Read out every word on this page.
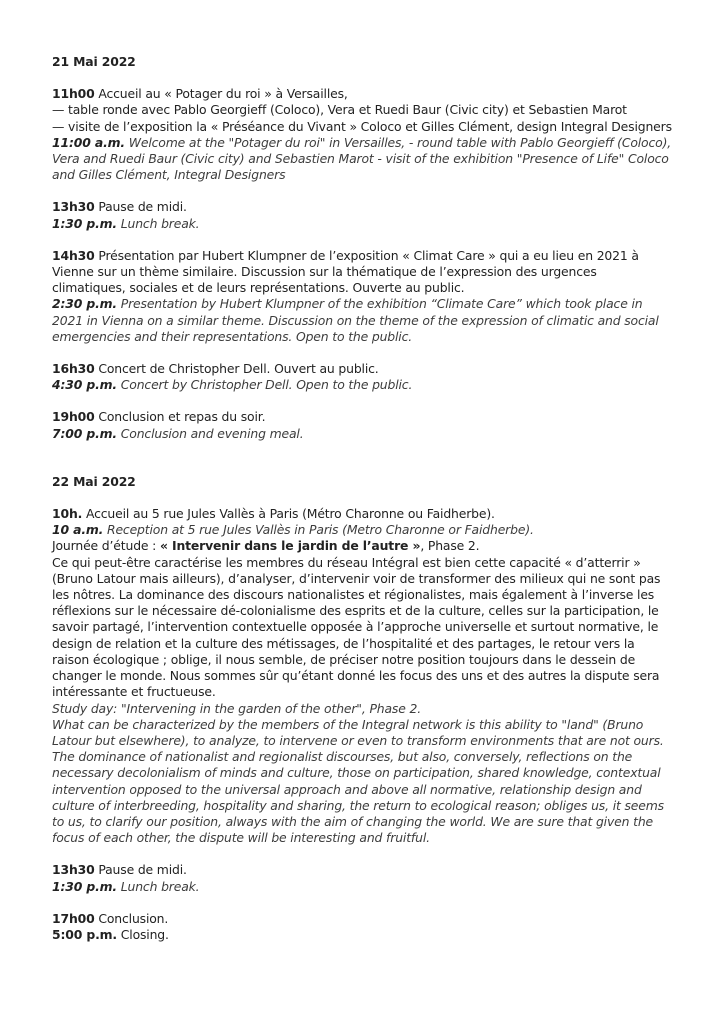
21 Mai 2022

11h00 Accueil au « Potager du roi » à Versailles,

— table ronde avec Pablo Georgieff (Coloco), Vera et Ruedi Baur (Civic city) et Sebastien Marot

— visite de l’exposition la « Préséance du Vivant » Coloco et Gilles Clément, design Integral Designers

11:00 a.m. Welcome at the "Potager du roi" in Versailles, - round table with Pablo Georgieff (Coloco), Vera and Ruedi Baur (Civic city) and Sebastien Marot - visit of the exhibition "Presence of Life" Coloco and Gilles Clément, Integral Designers

13h30 Pause de midi.

1:30 p.m. Lunch break.

14h30 Présentation par Hubert Klumpner de l’exposition « Climat Care » qui a eu lieu en 2021 à Vienne sur un thème similaire. Discussion sur la thématique de l’expression des urgences climatiques, sociales et de leurs représentations. Ouverte au public.

2:30 p.m. Presentation by Hubert Klumpner of the exhibition “Climate Care” which took place in 2021 in Vienna on a similar theme. Discussion on the theme of the expression of climatic and social emergencies and their representations. Open to the public.

16h30 Concert de Christopher Dell. Ouvert au public.

4:30 p.m. Concert by Christopher Dell. Open to the public.

19h00 Conclusion et repas du soir.

7:00 p.m. Conclusion and evening meal.

22 Mai 2022

10h. Accueil au 5 rue Jules Vallès à Paris (Métro Charonne ou Faidherbe).

10 a.m. Reception at 5 rue Jules Vallès in Paris (Metro Charonne or Faidherbe).

Journée d’étude : « Intervenir dans le jardin de l’autre », Phase 2.

Ce qui peut-être caractérise les membres du réseau Intégral est bien cette capacité « d’atterrir » (Bruno Latour mais ailleurs), d’analyser, d’intervenir voir de transformer des milieux qui ne sont pas les nôtres. La dominance des discours nationalistes et régionalistes, mais également à l’inverse les réflexions sur le nécessaire dé-colonialisme des esprits et de la culture, celles sur la participation, le savoir partagé, l’intervention contextuelle opposée à l’approche universelle et surtout normative, le design de relation et la culture des métissages, de l’hospitalité et des partages, le retour vers la raison écologique ; oblige, il nous semble, de préciser notre position toujours dans le dessein de changer le monde. Nous sommes sûr qu’étant donné les focus des uns et des autres la dispute sera intéressante et fructueuse.

Study day: "Intervening in the garden of the other", Phase 2.

What can be characterized by the members of the Integral network is this ability to "land" (Bruno Latour but elsewhere), to analyze, to intervene or even to transform environments that are not ours. The dominance of nationalist and regionalist discourses, but also, conversely, reflections on the necessary decolonialism of minds and culture, those on participation, shared knowledge, contextual intervention opposed to the universal approach and above all normative, relationship design and culture of interbreeding, hospitality and sharing, the return to ecological reason; obliges us, it seems to us, to clarify our position, always with the aim of changing the world. We are sure that given the focus of each other, the dispute will be interesting and fruitful.

13h30 Pause de midi.

1:30 p.m. Lunch break.

17h00 Conclusion.

5:00 p.m. Closing.
